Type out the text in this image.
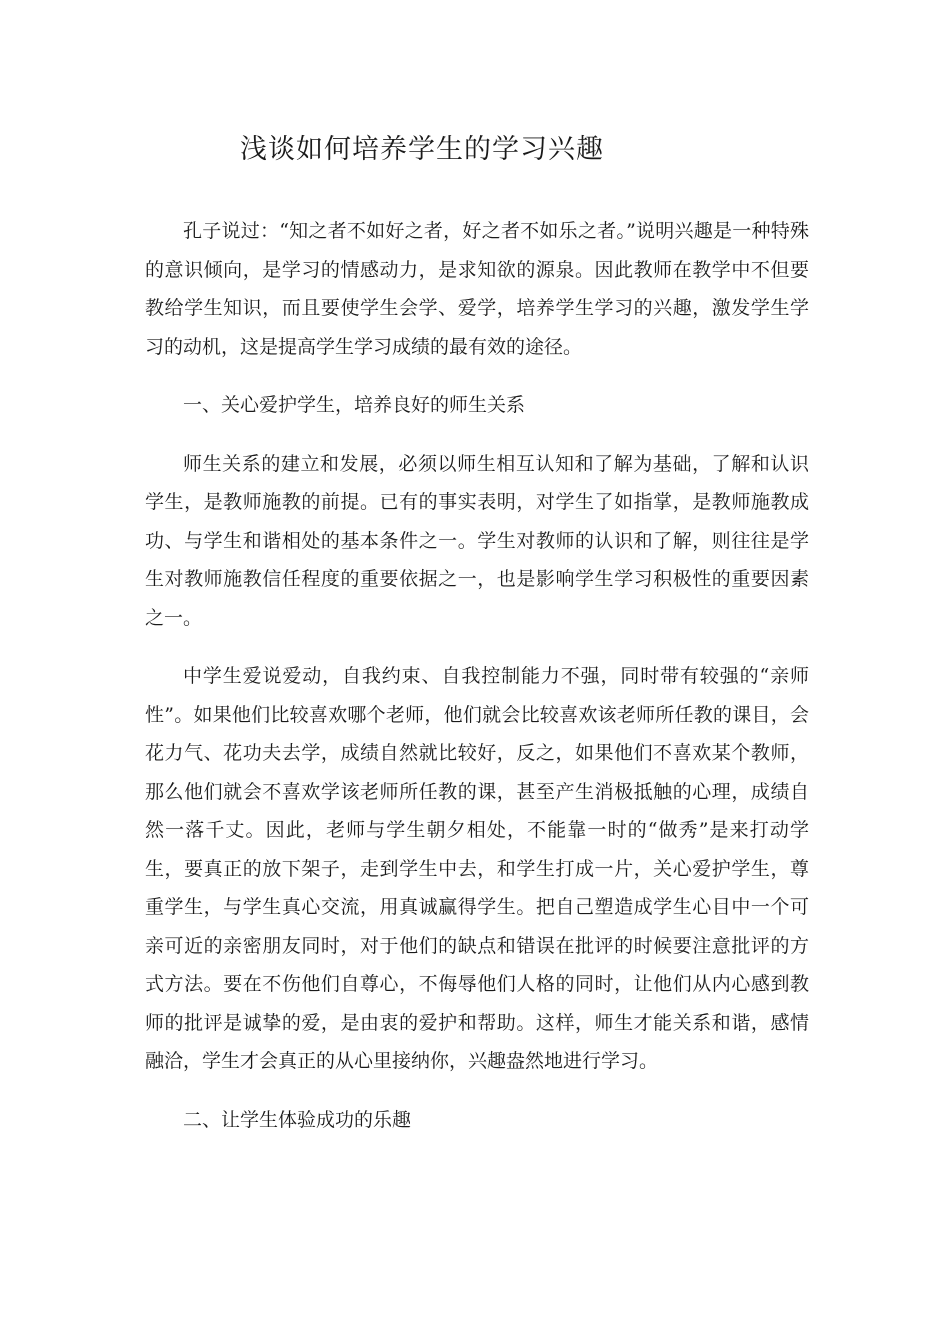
浅谈如何培养学生的学习兴趣

孔子说过：“知之者不如好之者，好之者不如乐之者。”说明兴趣是一种特殊的意识倾向，是学习的情感动力，是求知欲的源泉。因此教师在教学中不但要教给学生知识，而且要使学生会学、爱学，培养学生学习的兴趣，激发学生学习的动机，这是提高学生学习成绩的最有效的途径。

一、关心爱护学生，培养良好的师生关系

师生关系的建立和发展，必须以师生相互认知和了解为基础，了解和认识学生，是教师施教的前提。已有的事实表明，对学生了如指掌，是教师施教成功、与学生和谐相处的基本条件之一。学生对教师的认识和了解，则往往是学生对教师施教信任程度的重要依据之一，也是影响学生学习积极性的重要因素之一。

中学生爱说爱动，自我约束、自我控制能力不强，同时带有较强的“亲师性”。如果他们比较喜欢哪个老师，他们就会比较喜欢该老师所任教的课目，会花力气、花功夫去学，成绩自然就比较好，反之，如果他们不喜欢某个教师，那么他们就会不喜欢学该老师所任教的课，甚至产生消极抵触的心理，成绩自然一落千丈。因此，老师与学生朝夕相处，不能靠一时的“做秀”是来打动学生，要真正的放下架子，走到学生中去，和学生打成一片，关心爱护学生，尊重学生，与学生真心交流，用真诚赢得学生。把自己塑造成学生心目中一个可亲可近的亲密朋友同时，对于他们的缺点和错误在批评的时候要注意批评的方式方法。要在不伤他们自尊心，不侮辱他们人格的同时，让他们从内心感到教师的批评是诚挚的爱，是由衷的爱护和帮助。这样，师生才能关系和谐，感情融洽，学生才会真正的从心里接纳你，兴趣盎然地进行学习。

二、让学生体验成功的乐趣
